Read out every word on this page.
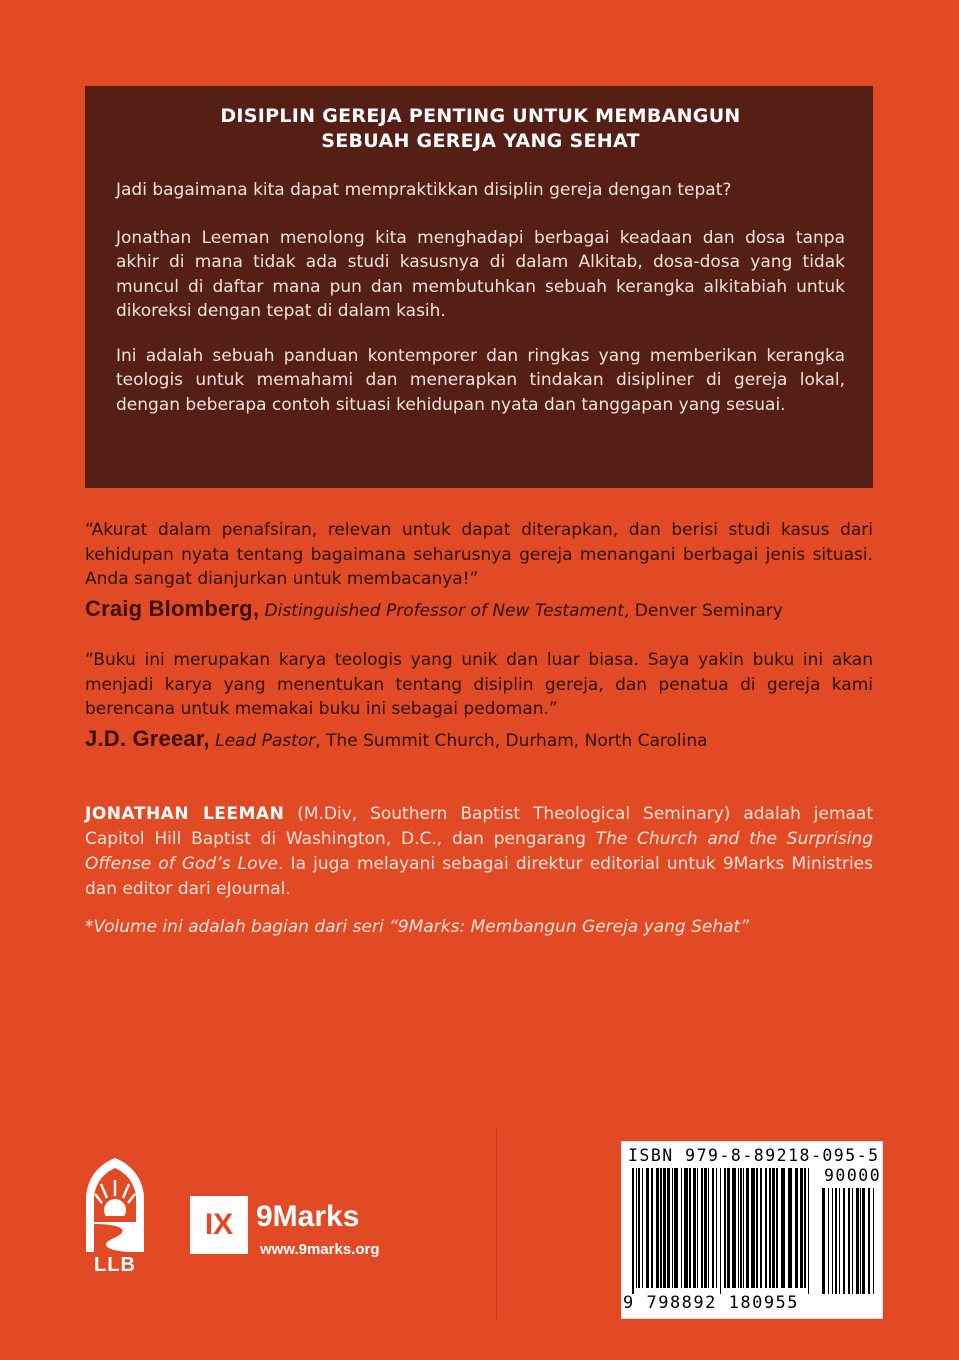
DISIPLIN GEREJA PENTING UNTUK MEMBANGUN
SEBUAH GEREJA YANG SEHAT

Jadi bagaimana kita dapat mempraktikkan disiplin gereja dengan tepat?

Jonathan Leeman menolong kita menghadapi berbagai keadaan dan dosa tanpa akhir di mana tidak ada studi kasusnya di dalam Alkitab, dosa-dosa yang tidak muncul di daftar mana pun dan membutuhkan sebuah kerangka alkitabiah untuk dikoreksi dengan tepat di dalam kasih.

Ini adalah sebuah panduan kontemporer dan ringkas yang memberikan kerangka teologis untuk memahami dan menerapkan tindakan disipliner di gereja lokal, dengan beberapa contoh situasi kehidupan nyata dan tanggapan yang sesuai.

“Akurat dalam penafsiran, relevan untuk dapat diterapkan, dan berisi studi kasus dari kehidupan nyata tentang bagaimana seharusnya gereja menangani berbagai jenis situasi. Anda sangat dianjurkan untuk membacanya!”

Craig Blomberg, Distinguished Professor of New Testament, Denver Seminary

“Buku ini merupakan karya teologis yang unik dan luar biasa. Saya yakin buku ini akan menjadi karya yang menentukan tentang disiplin gereja, dan penatua di gereja kami berencana untuk memakai buku ini sebagai pedoman.”

J.D. Greear, Lead Pastor, The Summit Church, Durham, North Carolina

JONATHAN LEEMAN (M.Div, Southern Baptist Theological Seminary) adalah jemaat Capitol Hill Baptist di Washington, D.C., dan pengarang The Church and the Surprising Offense of God’s Love. Ia juga melayani sebagai direktur editorial untuk 9Marks Ministries dan editor dari eJournal.

*Volume ini adalah bagian dari seri “9Marks: Membangun Gereja yang Sehat”
LLB
IX 9Marks
www.9marks.org
ISBN 979-8-89218-095-5
90000
9 798892 180955
